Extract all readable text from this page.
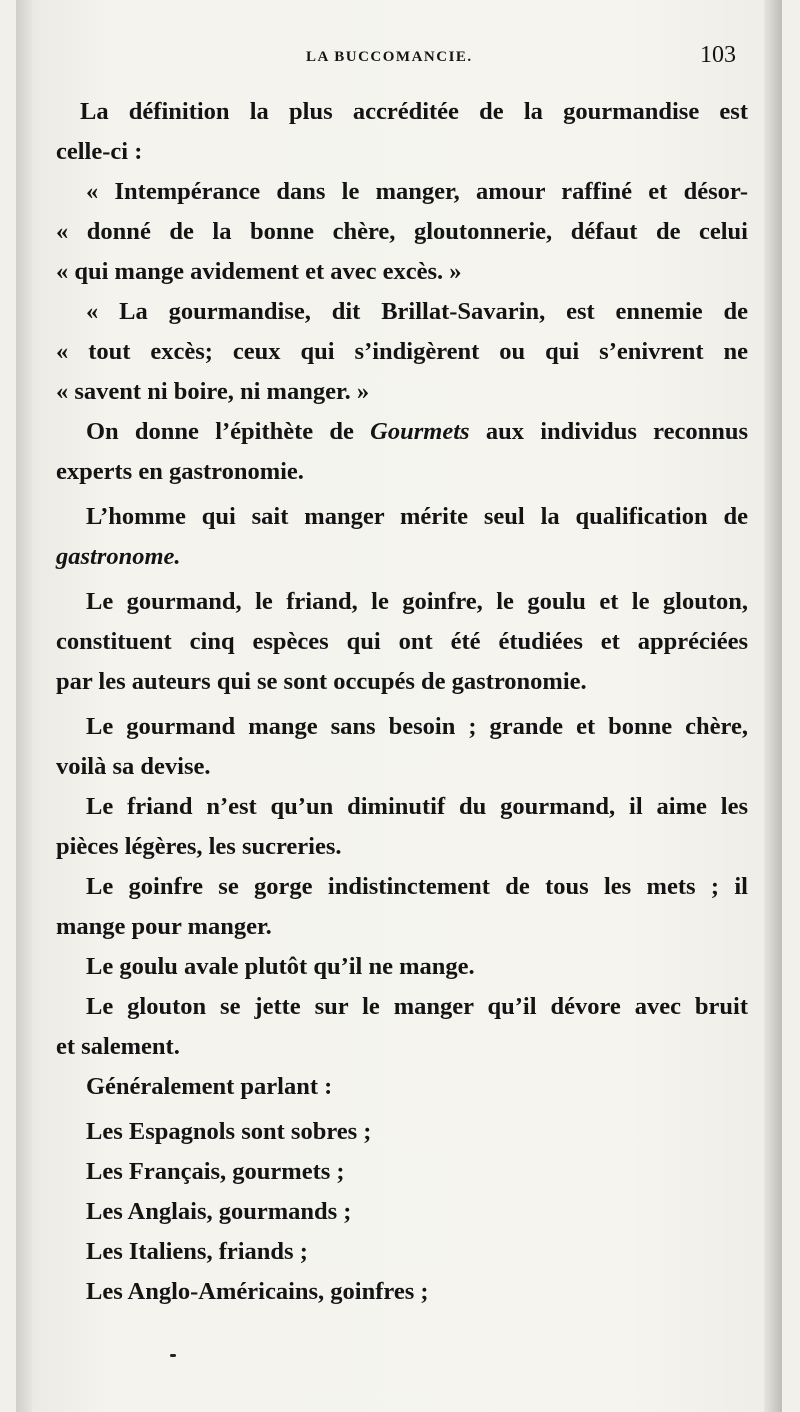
LA BUCCOMANCIE.	103
La définition la plus accréditée de la gourmandise est
celle-ci :
« Intempérance dans le manger, amour raffiné et désor-
« donné de la bonne chère, gloutonnerie, défaut de celui
« qui mange avidement et avec excès. »
« La gourmandise, dit Brillat-Savarin, est ennemie de
« tout excès; ceux qui s’indigèrent ou qui s’enivrent ne
« savent ni boire, ni manger. »
On donne l’épithète de Gourmets aux individus reconnus
experts en gastronomie.
L’homme qui sait manger mérite seul la qualification de
gastronome.
Le gourmand, le friand, le goinfre, le goulu et le glouton,
constituent cinq espèces qui ont été étudiées et appréciées
par les auteurs qui se sont occupés de gastronomie.
Le gourmand mange sans besoin ; grande et bonne chère,
voilà sa devise.
Le friand n’est qu’un diminutif du gourmand, il aime les
pièces légères, les sucreries.
Le goinfre se gorge indistinctement de tous les mets ; il
mange pour manger.
Le goulu avale plutôt qu’il ne mange.
Le glouton se jette sur le manger qu’il dévore avec bruit
et salement.
Généralement parlant :
Les Espagnols sont sobres ;
Les Français, gourmets ;
Les Anglais, gourmands ;
Les Italiens, friands ;
Les Anglo-Américains, goinfres ;
